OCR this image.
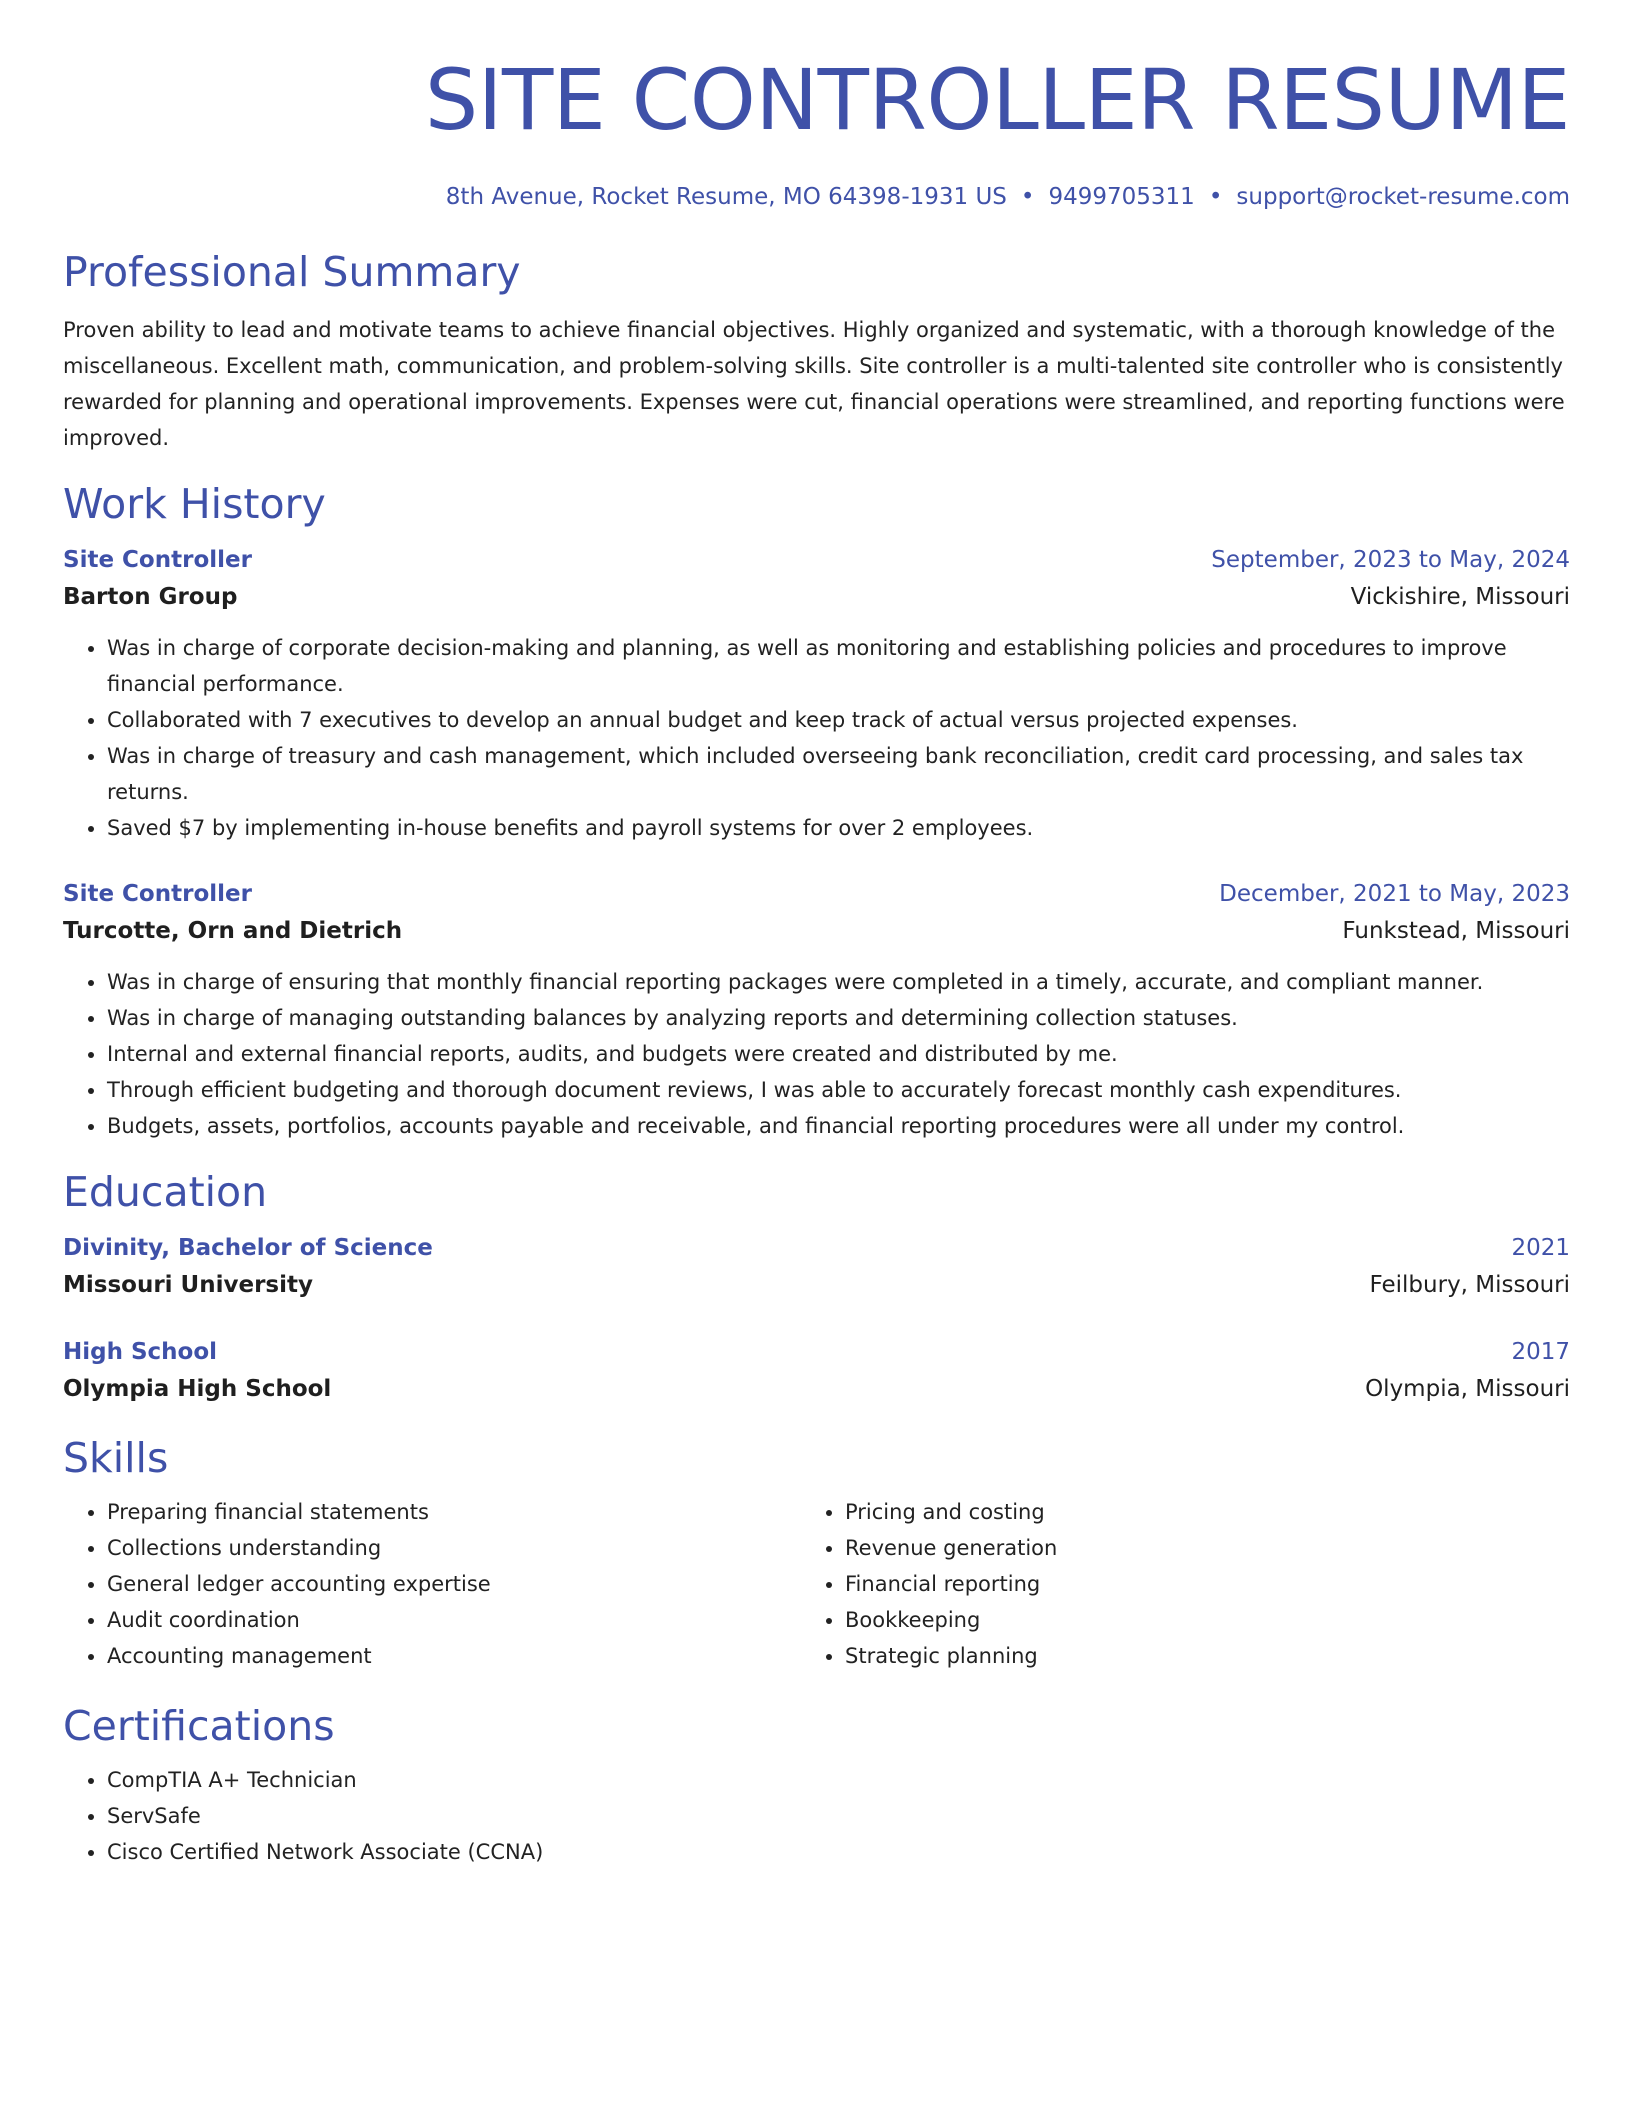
SITE CONTROLLER RESUME
8th Avenue, Rocket Resume, MO 64398-1931 US • 9499705311 • support@rocket-resume.com
Professional Summary
Proven ability to lead and motivate teams to achieve financial objectives. Highly organized and systematic, with a thorough knowledge of the miscellaneous. Excellent math, communication, and problem-solving skills. Site controller is a multi-talented site controller who is consistently rewarded for planning and operational improvements. Expenses were cut, financial operations were streamlined, and reporting functions were improved.
Work History
Site Controller	September, 2023 to May, 2024
Barton Group	Vickishire, Missouri
• Was in charge of corporate decision-making and planning, as well as monitoring and establishing policies and procedures to improve financial performance.
• Collaborated with 7 executives to develop an annual budget and keep track of actual versus projected expenses.
• Was in charge of treasury and cash management, which included overseeing bank reconciliation, credit card processing, and sales tax returns.
• Saved $7 by implementing in-house benefits and payroll systems for over 2 employees.
Site Controller	December, 2021 to May, 2023
Turcotte, Orn and Dietrich	Funkstead, Missouri
• Was in charge of ensuring that monthly financial reporting packages were completed in a timely, accurate, and compliant manner.
• Was in charge of managing outstanding balances by analyzing reports and determining collection statuses.
• Internal and external financial reports, audits, and budgets were created and distributed by me.
• Through efficient budgeting and thorough document reviews, I was able to accurately forecast monthly cash expenditures.
• Budgets, assets, portfolios, accounts payable and receivable, and financial reporting procedures were all under my control.
Education
Divinity, Bachelor of Science	2021
Missouri University	Feilbury, Missouri
High School	2017
Olympia High School	Olympia, Missouri
Skills
• Preparing financial statements
• Collections understanding
• General ledger accounting expertise
• Audit coordination
• Accounting management
• Pricing and costing
• Revenue generation
• Financial reporting
• Bookkeeping
• Strategic planning
Certifications
• CompTIA A+ Technician
• ServSafe
• Cisco Certified Network Associate (CCNA)
